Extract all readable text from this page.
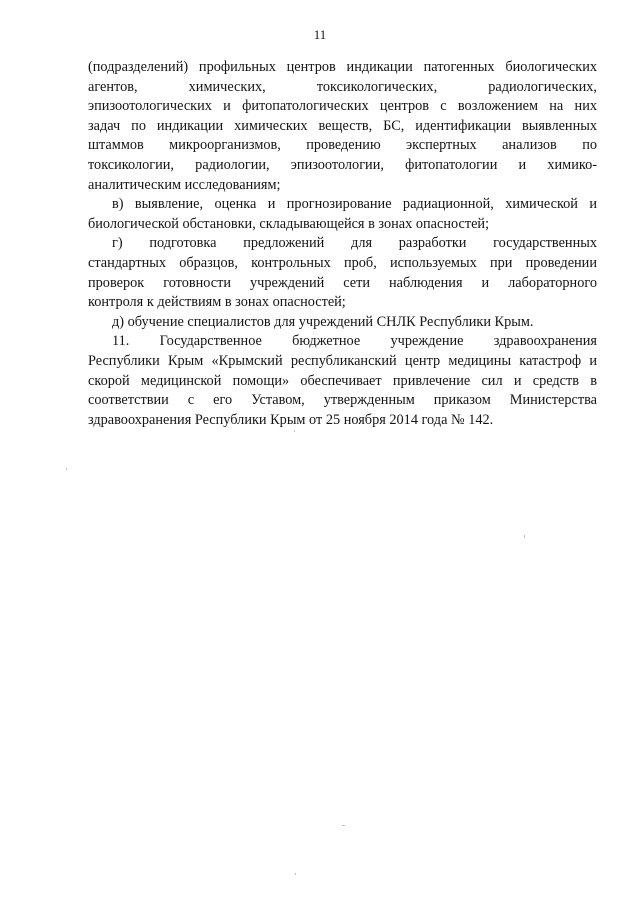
11
(подразделений) профильных центров индикации патогенных биологических
агентов, химических, токсикологических, радиологических,
эпизоотологических и фитопатологических центров с возложением на них
задач по индикации химических веществ, БС, идентификации выявленных
штаммов микроорганизмов, проведению экспертных анализов по
токсикологии, радиологии, эпизоотологии, фитопатологии и химико-
аналитическим исследованиям;
в) выявление, оценка и прогнозирование радиационной, химической и
биологической обстановки, складывающейся в зонах опасностей;
г) подготовка предложений для разработки государственных
стандартных образцов, контрольных проб, используемых при проведении
проверок готовности учреждений сети наблюдения и лабораторного
контроля к действиям в зонах опасностей;
д) обучение специалистов для учреждений СНЛК Республики Крым.
11. Государственное бюджетное учреждение здравоохранения
Республики Крым «Крымский республиканский центр медицины катастроф и
скорой медицинской помощи» обеспечивает привлечение сил и средств в
соответствии с его Уставом, утвержденным приказом Министерства
здравоохранения Республики Крым от 25 ноября 2014 года № 142.
